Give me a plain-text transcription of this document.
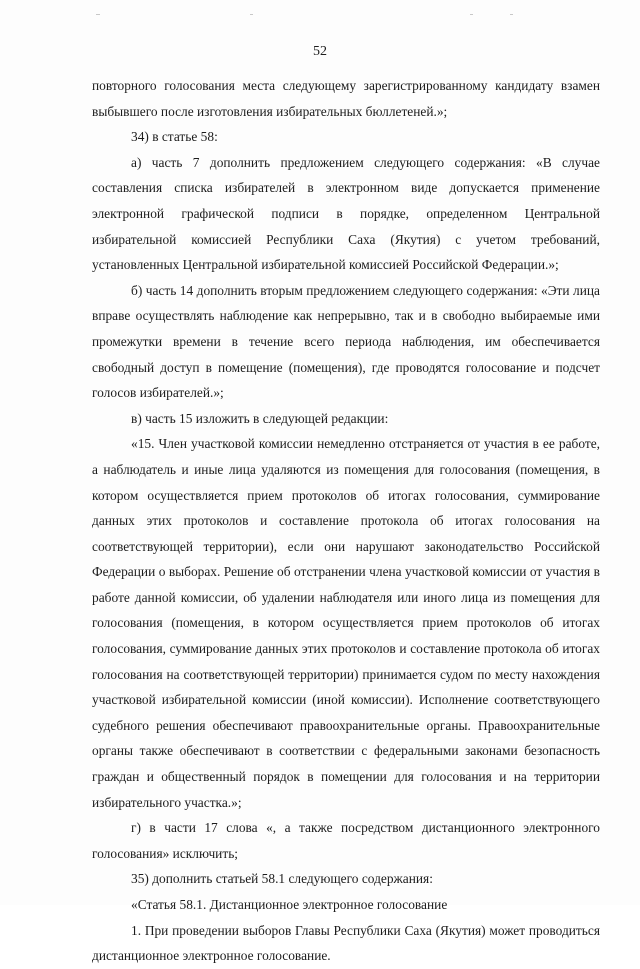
52

повторного голосования места следующему зарегистрированному кандидату взамен выбывшего после изготовления избирательных бюллетеней.»;

34) в статье 58:

а) часть 7 дополнить предложением следующего содержания: «В случае составления списка избирателей в электронном виде допускается применение электронной графической подписи в порядке, определенном Центральной избирательной комиссией Республики Саха (Якутия) с учетом требований, установленных Центральной избирательной комиссией Российской Федерации.»;

б) часть 14 дополнить вторым предложением следующего содержания: «Эти лица вправе осуществлять наблюдение как непрерывно, так и в свободно выбираемые ими промежутки времени в течение всего периода наблюдения, им обеспечивается свободный доступ в помещение (помещения), где проводятся голосование и подсчет голосов избирателей.»;

в) часть 15 изложить в следующей редакции:

«15. Член участковой комиссии немедленно отстраняется от участия в ее работе, а наблюдатель и иные лица удаляются из помещения для голосования (помещения, в котором осуществляется прием протоколов об итогах голосования, суммирование данных этих протоколов и составление протокола об итогах голосования на соответствующей территории), если они нарушают законодательство Российской Федерации о выборах. Решение об отстранении члена участковой комиссии от участия в работе данной комиссии, об удалении наблюдателя или иного лица из помещения для голосования (помещения, в котором осуществляется прием протоколов об итогах голосования, суммирование данных этих протоколов и составление протокола об итогах голосования на соответствующей территории) принимается судом по месту нахождения участковой избирательной комиссии (иной комиссии). Исполнение соответствующего судебного решения обеспечивают правоохранительные органы. Правоохранительные органы также обеспечивают в соответствии с федеральными законами безопасность граждан и общественный порядок в помещении для голосования и на территории избирательного участка.»;

г) в части 17 слова «, а также посредством дистанционного электронного голосования» исключить;

35) дополнить статьей 58.1 следующего содержания:

«Статья 58.1. Дистанционное электронное голосование

1. При проведении выборов Главы Республики Саха (Якутия) может проводиться дистанционное электронное голосование.
